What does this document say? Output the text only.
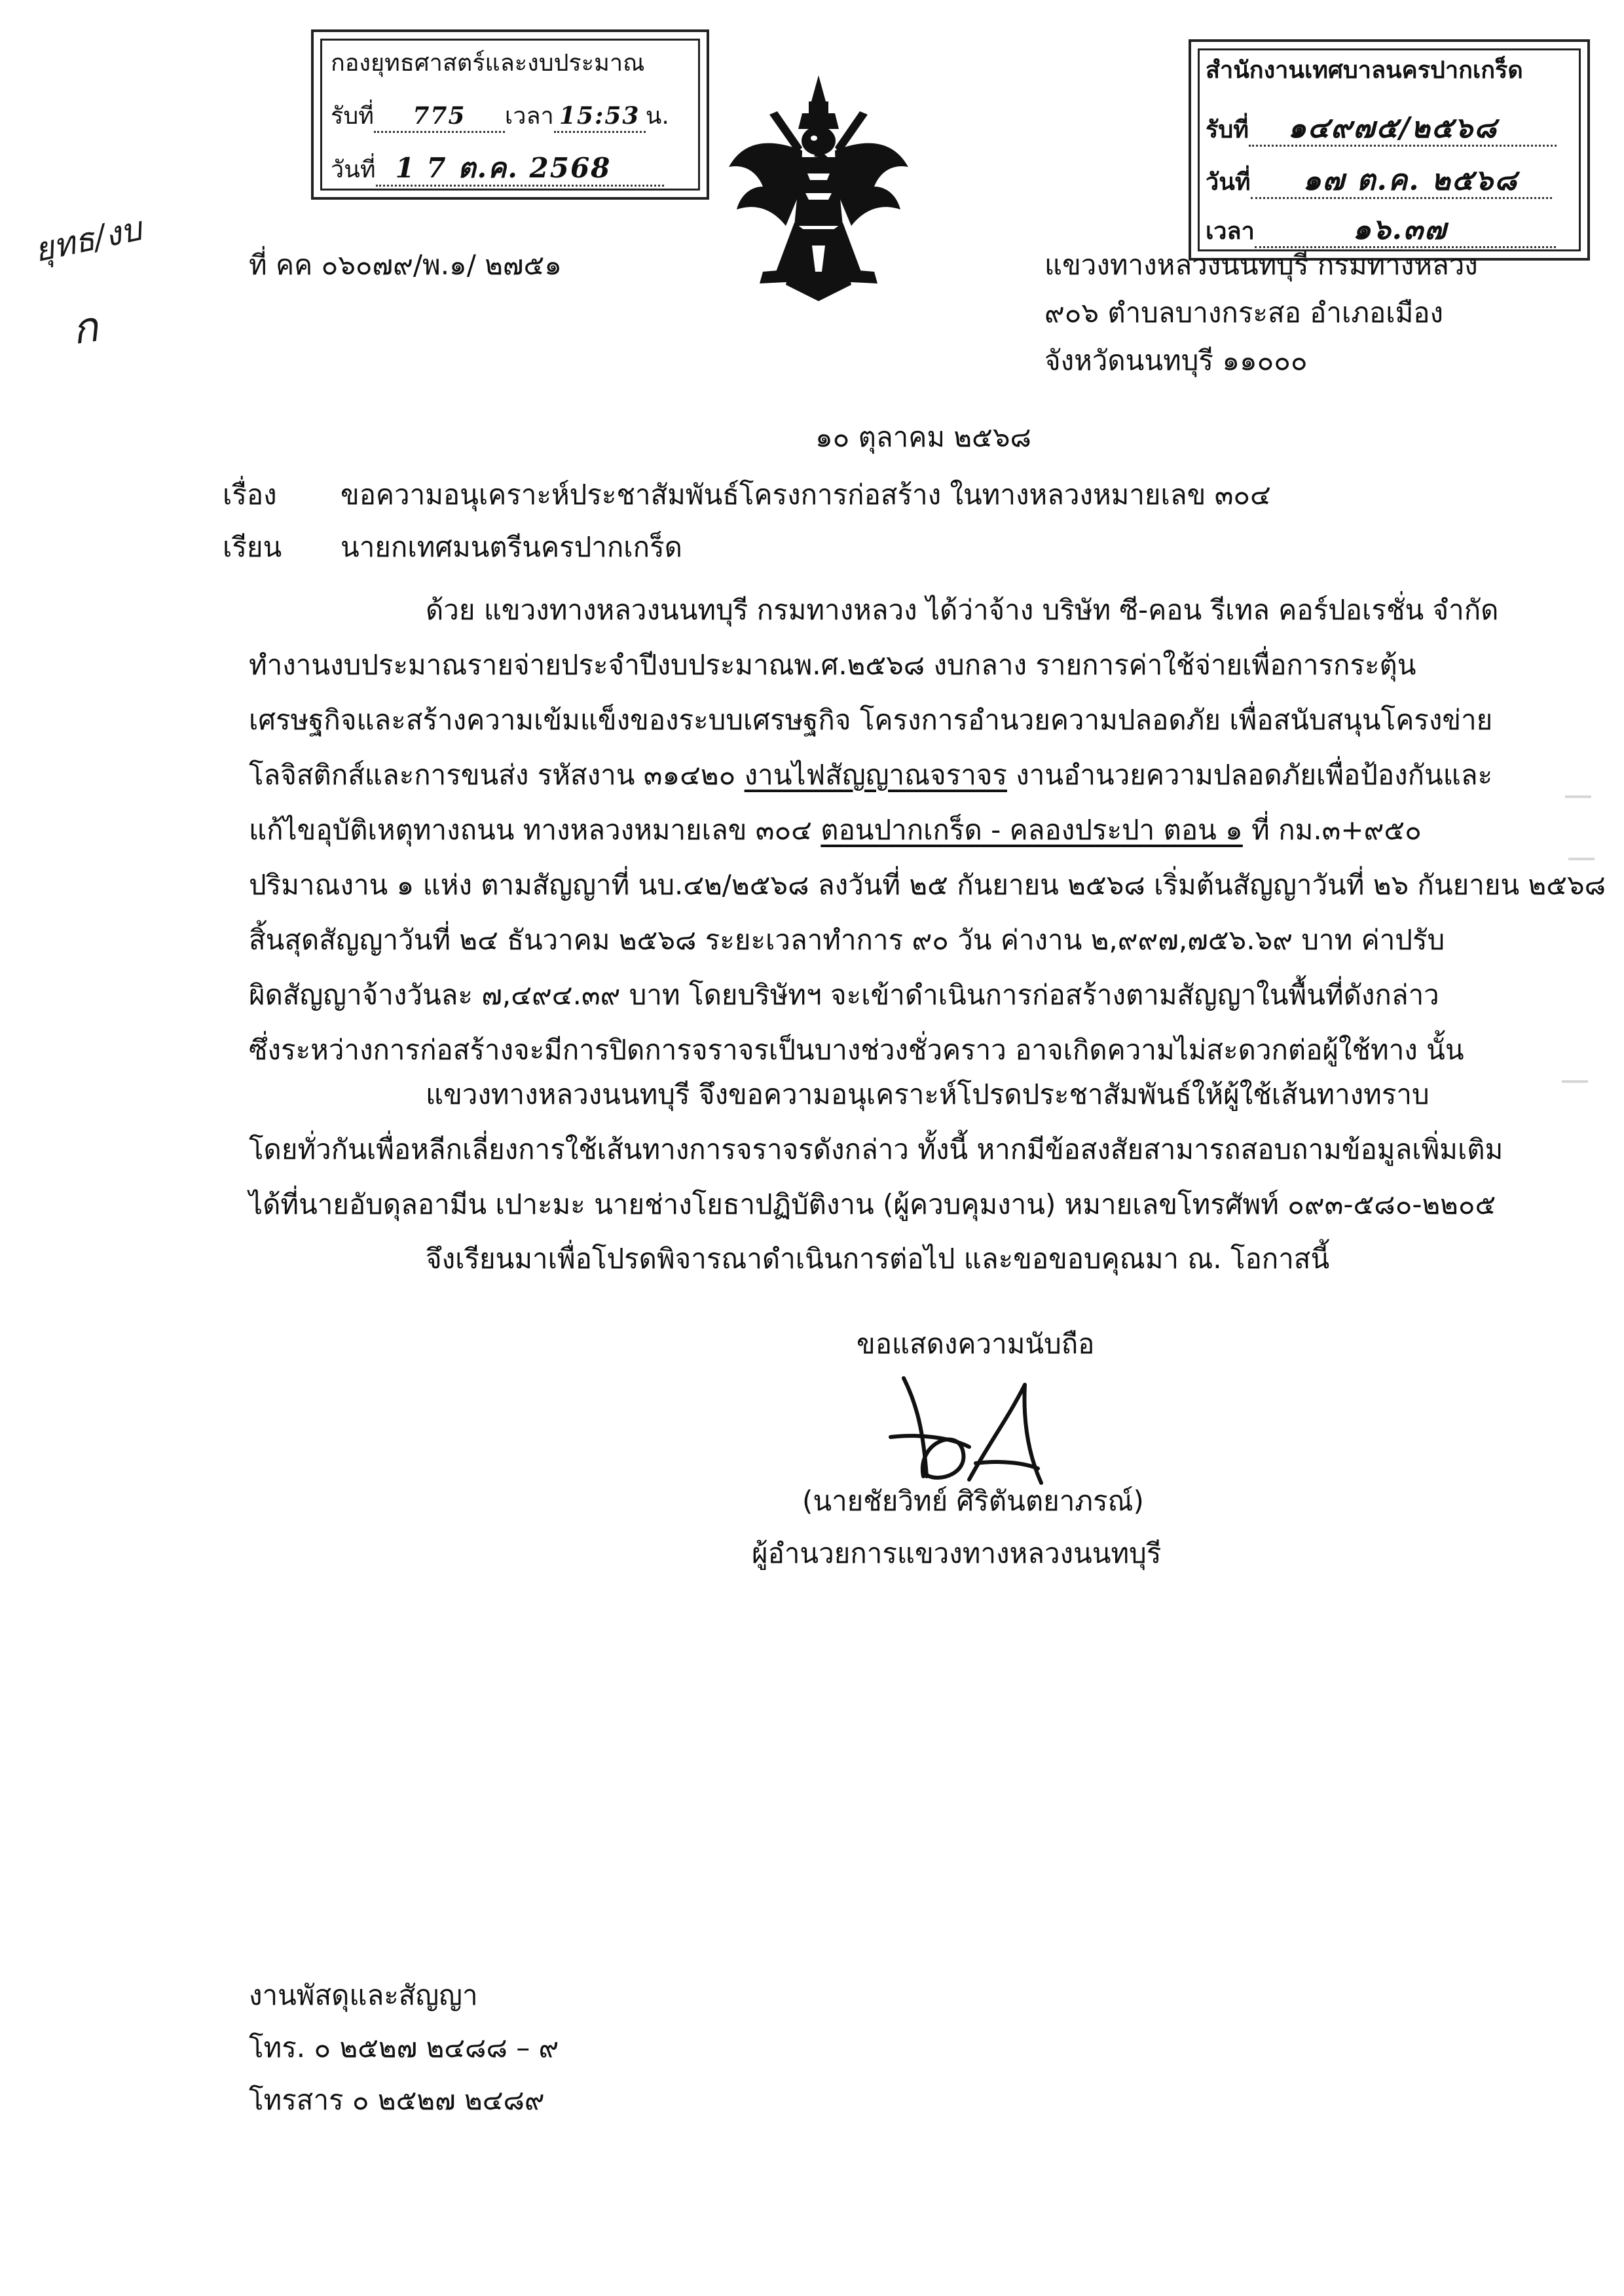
กองยุทธศาสตร์และงบประมาณ
รับที่ 775 เวลา 15:53 น.
วันที่ 1 7 ต.ค. 2568
สำนักงานเทศบาลนครปากเกร็ด
รับที่ ๑๔๙๗๕/๒๕๖๘
วันที่ ๑๗ ต.ค. ๒๕๖๘
เวลา	๑๖.๓๗
ยุทธ/งบ
ก
ที่ คค ๐๖๐๗๙/พ.๑/ ๒๗๕๑	แขวงทางหลวงนนทบุรี กรมทางหลวง
๙๐๖ ตำบลบางกระสอ อำเภอเมือง
จังหวัดนนทบุรี ๑๑๐๐๐
๑๐ ตุลาคม ๒๕๖๘
เรื่อง ขอความอนุเคราะห์ประชาสัมพันธ์โครงการก่อสร้าง ในทางหลวงหมายเลข ๓๐๔
เรียน นายกเทศมนตรีนครปากเกร็ด
ด้วย แขวงทางหลวงนนทบุรี กรมทางหลวง ได้ว่าจ้าง บริษัท ซี-คอน รีเทล คอร์ปอเรชั่น จำกัด
ทำงานงบประมาณรายจ่ายประจำปีงบประมาณพ.ศ.๒๕๖๘ งบกลาง รายการค่าใช้จ่ายเพื่อการกระตุ้น
เศรษฐกิจและสร้างความเข้มแข็งของระบบเศรษฐกิจ โครงการอำนวยความปลอดภัย เพื่อสนับสนุนโครงข่าย
โลจิสติกส์และการขนส่ง รหัสงาน ๓๑๔๒๐ งานไฟสัญญาณจราจร งานอำนวยความปลอดภัยเพื่อป้องกันและ
แก้ไขอุบัติเหตุทางถนน ทางหลวงหมายเลข ๓๐๔ ตอนปากเกร็ด - คลองประปา ตอน ๑ ที่ กม.๓+๙๕๐
ปริมาณงาน ๑ แห่ง ตามสัญญาที่ นบ.๔๒/๒๕๖๘ ลงวันที่ ๒๕ กันยายน ๒๕๖๘ เริ่มต้นสัญญาวันที่ ๒๖ กันยายน ๒๕๖๘
สิ้นสุดสัญญาวันที่ ๒๔ ธันวาคม ๒๕๖๘ ระยะเวลาทำการ ๙๐ วัน ค่างาน ๒,๙๙๗,๗๕๖.๖๙ บาท ค่าปรับ
ผิดสัญญาจ้างวันละ ๗,๔๙๔.๓๙ บาท โดยบริษัทฯ จะเข้าดำเนินการก่อสร้างตามสัญญาในพื้นที่ดังกล่าว
ซึ่งระหว่างการก่อสร้างจะมีการปิดการจราจรเป็นบางช่วงชั่วคราว อาจเกิดความไม่สะดวกต่อผู้ใช้ทาง นั้น
แขวงทางหลวงนนทบุรี จึงขอความอนุเคราะห์โปรดประชาสัมพันธ์ให้ผู้ใช้เส้นทางทราบ
โดยทั่วกันเพื่อหลีกเลี่ยงการใช้เส้นทางการจราจรดังกล่าว ทั้งนี้ หากมีข้อสงสัยสามารถสอบถามข้อมูลเพิ่มเติม
ได้ที่นายอับดุลอามีน เปาะมะ นายช่างโยธาปฏิบัติงาน (ผู้ควบคุมงาน) หมายเลขโทรศัพท์ ๐๙๓-๕๘๐-๒๒๐๕
จึงเรียนมาเพื่อโปรดพิจารณาดำเนินการต่อไป และขอขอบคุณมา ณ. โอกาสนี้
ขอแสดงความนับถือ
(นายชัยวิทย์ ศิริตันตยาภรณ์)
ผู้อำนวยการแขวงทางหลวงนนทบุรี
งานพัสดุและสัญญา
โทร. ๐ ๒๕๒๗ ๒๔๘๘ – ๙
โทรสาร ๐ ๒๕๒๗ ๒๔๘๙
